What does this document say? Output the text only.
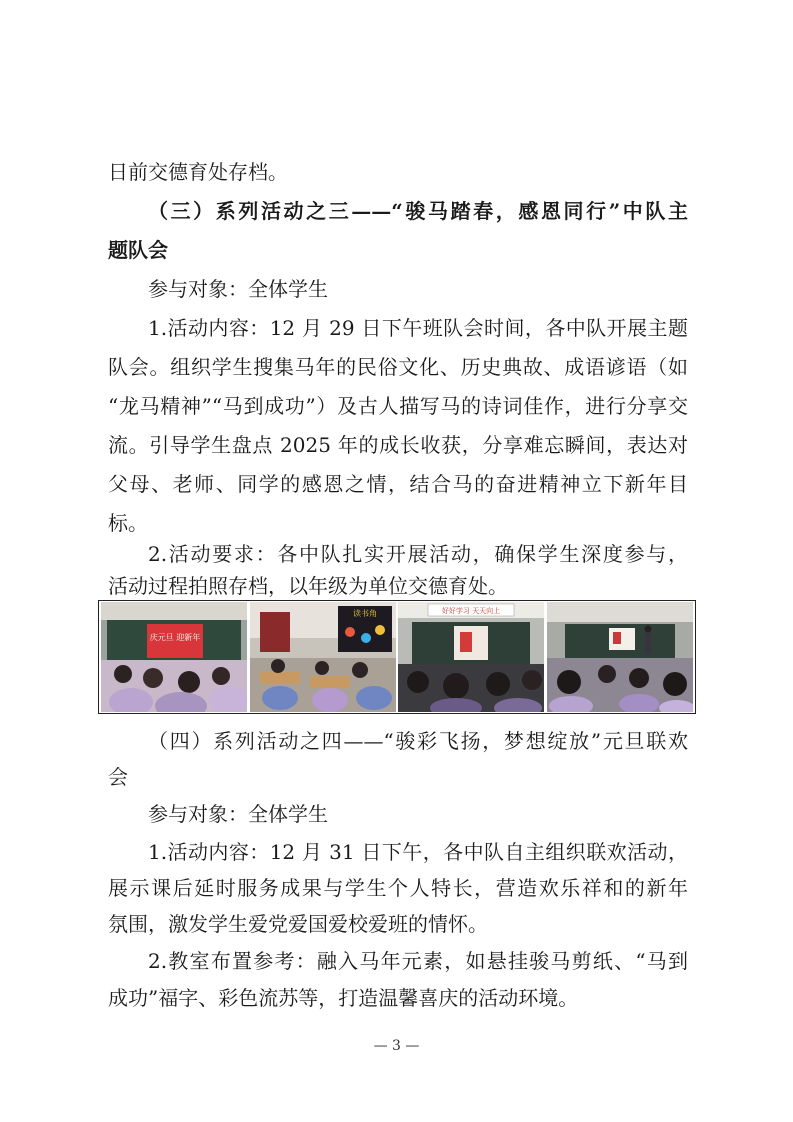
日前交德育处存档。
（三）系列活动之三——“骏马踏春，感恩同行”中队主
题队会
参与对象：全体学生
1.活动内容：12 月 29 日下午班队会时间，各中队开展主题
队会。组织学生搜集马年的民俗文化、历史典故、成语谚语（如
“龙马精神”“马到成功”）及古人描写马的诗词佳作，进行分享交
流。引导学生盘点 2025 年的成长收获，分享难忘瞬间，表达对
父母、老师、同学的感恩之情，结合马的奋进精神立下新年目
标。
2.活动要求：各中队扎实开展活动，确保学生深度参与，
活动过程拍照存档，以年级为单位交德育处。
庆元旦 迎新年
读书角	好好学习 天天向上
（四）系列活动之四——“骏彩飞扬，梦想绽放”元旦联欢
会
参与对象：全体学生
1.活动内容：12 月 31 日下午，各中队自主组织联欢活动，
展示课后延时服务成果与学生个人特长，营造欢乐祥和的新年
氛围，激发学生爱党爱国爱校爱班的情怀。
2.教室布置参考：融入马年元素，如悬挂骏马剪纸、“马到
成功”福字、彩色流苏等，打造温馨喜庆的活动环境。
— 3 —
